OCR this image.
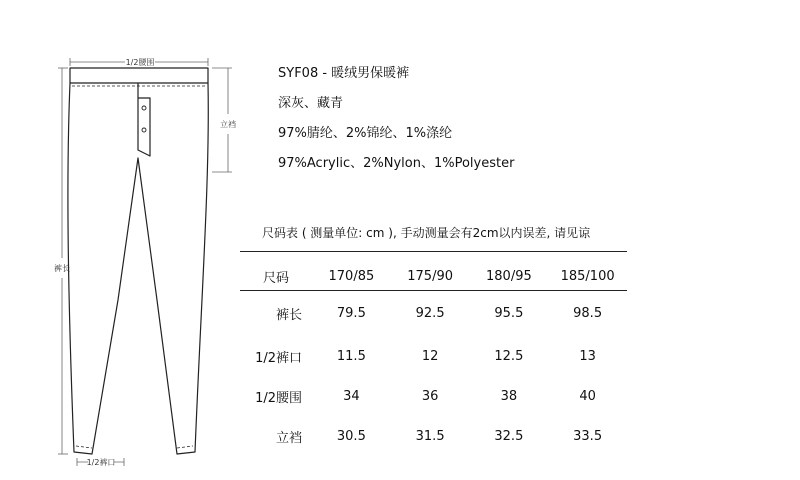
1/2腰围
立裆
裤长
1/2裤口
SYF08 - 暖绒男保暖裤
深灰、藏青
97%腈纶、2%锦纶、1%涤纶
97%Acrylic、2%Nylon、1%Polyester
尺码表 ( 测量单位: cm ), 手动测量会有2cm以内误差, 请见谅
尺码	170/85	175/90	180/95	185/100
裤长	79.5	92.5	95.5	98.5
1/2裤口	11.5	12	12.5	13
1/2腰围	34	36	38	40
立裆	30.5	31.5	32.5	33.5
